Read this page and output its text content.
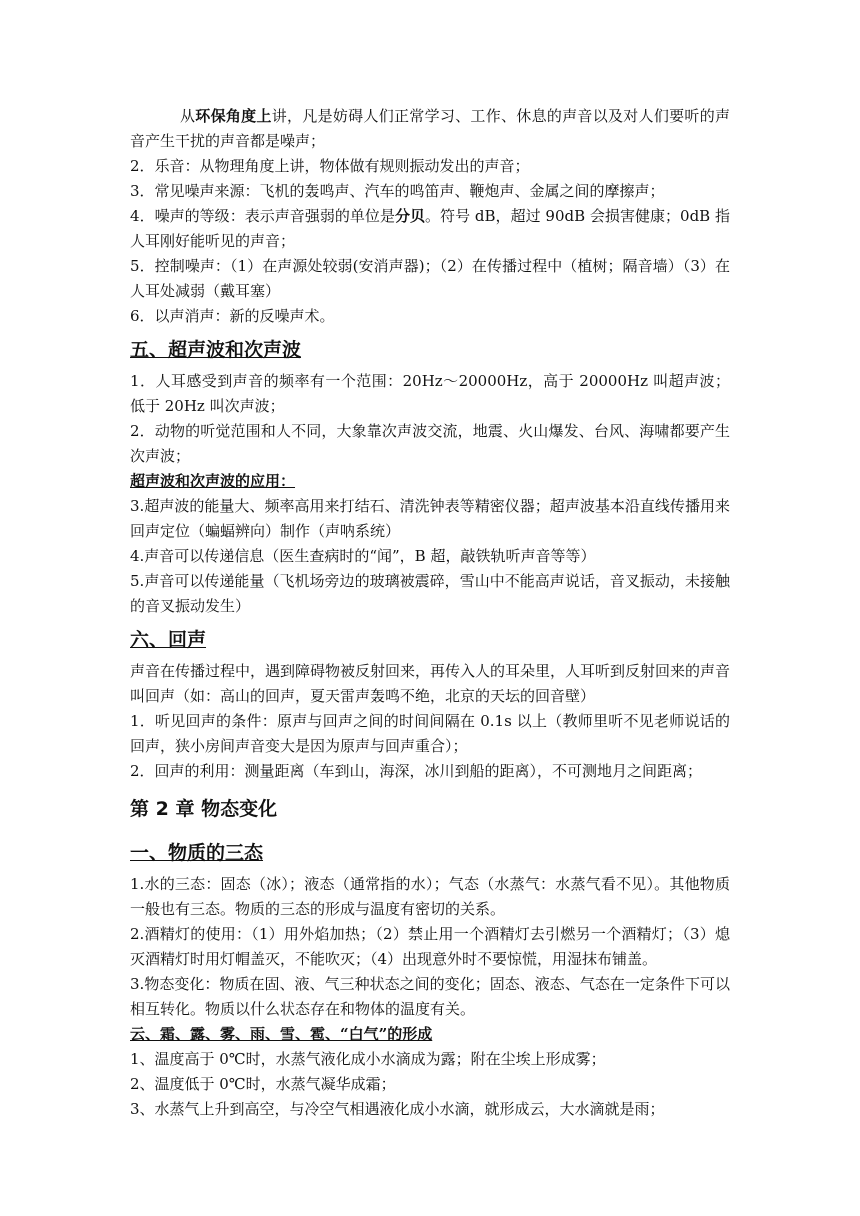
从环保角度上讲，凡是妨碍人们正常学习、工作、休息的声音以及对人们要听的声音产生干扰的声音都是噪声；

2．乐音：从物理角度上讲，物体做有规则振动发出的声音；

3．常见噪声来源：飞机的轰鸣声、汽车的鸣笛声、鞭炮声、金属之间的摩擦声；

4．噪声的等级：表示声音强弱的单位是分贝。符号 dB，超过 90dB 会损害健康；0dB 指人耳刚好能听见的声音；

5．控制噪声：（1）在声源处较弱(安消声器)；（2）在传播过程中（植树；隔音墙）（3）在人耳处减弱（戴耳塞）

6．以声消声：新的反噪声术。

五、超声波和次声波

1．人耳感受到声音的频率有一个范围：20Hz～20000Hz，高于 20000Hz 叫超声波；低于 20Hz 叫次声波；

2．动物的听觉范围和人不同，大象靠次声波交流，地震、火山爆发、台风、海啸都要产生次声波；

超声波和次声波的应用：

3.超声波的能量大、频率高用来打结石、清洗钟表等精密仪器；超声波基本沿直线传播用来回声定位（蝙蝠辨向）制作（声呐系统）

4.声音可以传递信息（医生查病时的“闻”，B 超，敲铁轨听声音等等）

5.声音可以传递能量（飞机场旁边的玻璃被震碎，雪山中不能高声说话，音叉振动，未接触的音叉振动发生）

六、回声

声音在传播过程中，遇到障碍物被反射回来，再传入人的耳朵里，人耳听到反射回来的声音叫回声（如：高山的回声，夏天雷声轰鸣不绝，北京的天坛的回音壁）

1．听见回声的条件：原声与回声之间的时间间隔在 0.1s 以上（教师里听不见老师说话的回声，狭小房间声音变大是因为原声与回声重合）；

2．回声的利用：测量距离（车到山，海深，冰川到船的距离），不可测地月之间距离；

第 2 章 物态变化
一、物质的三态

1.水的三态：固态（冰）；液态（通常指的水）；气态（水蒸气：水蒸气看不见）。其他物质一般也有三态。物质的三态的形成与温度有密切的关系。

2.酒精灯的使用：（1）用外焰加热；（2）禁止用一个酒精灯去引燃另一个酒精灯；（3）熄灭酒精灯时用灯帽盖灭，不能吹灭；（4）出现意外时不要惊慌，用湿抹布铺盖。

3.物态变化：物质在固、液、气三种状态之间的变化；固态、液态、气态在一定条件下可以相互转化。物质以什么状态存在和物体的温度有关。

云、霜、露、雾、雨、雪、雹、“白气”的形成

1、温度高于 0℃时，水蒸气液化成小水滴成为露；附在尘埃上形成雾；

2、温度低于 0℃时，水蒸气凝华成霜；

3、水蒸气上升到高空，与冷空气相遇液化成小水滴，就形成云，大水滴就是雨；
